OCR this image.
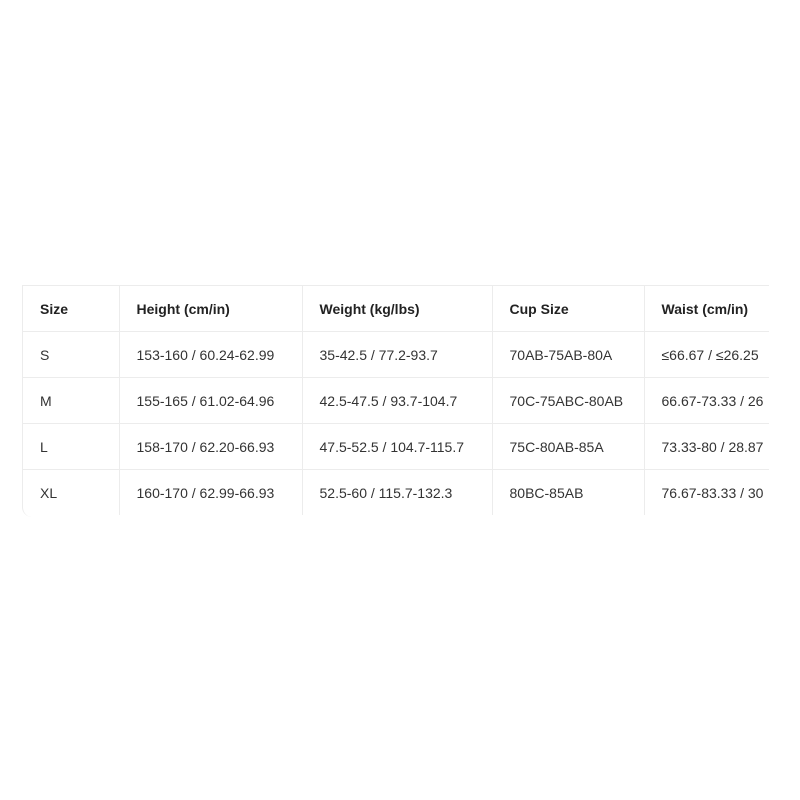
Size	Height (cm/in)	Weight (kg/lbs)	Cup Size	Waist (cm/in)
S	153-160 / 60.24-62.99	35-42.5 / 77.2-93.7	70AB-75AB-80A	≤66.67 / ≤26.25
M	155-165 / 61.02-64.96	42.5-47.5 / 93.7-104.7	70C-75ABC-80AB	66.67-73.33 / 26
L	158-170 / 62.20-66.93	47.5-52.5 / 104.7-115.7	75C-80AB-85A	73.33-80 / 28.87
XL	160-170 / 62.99-66.93	52.5-60 / 115.7-132.3	80BC-85AB	76.67-83.33 / 30
